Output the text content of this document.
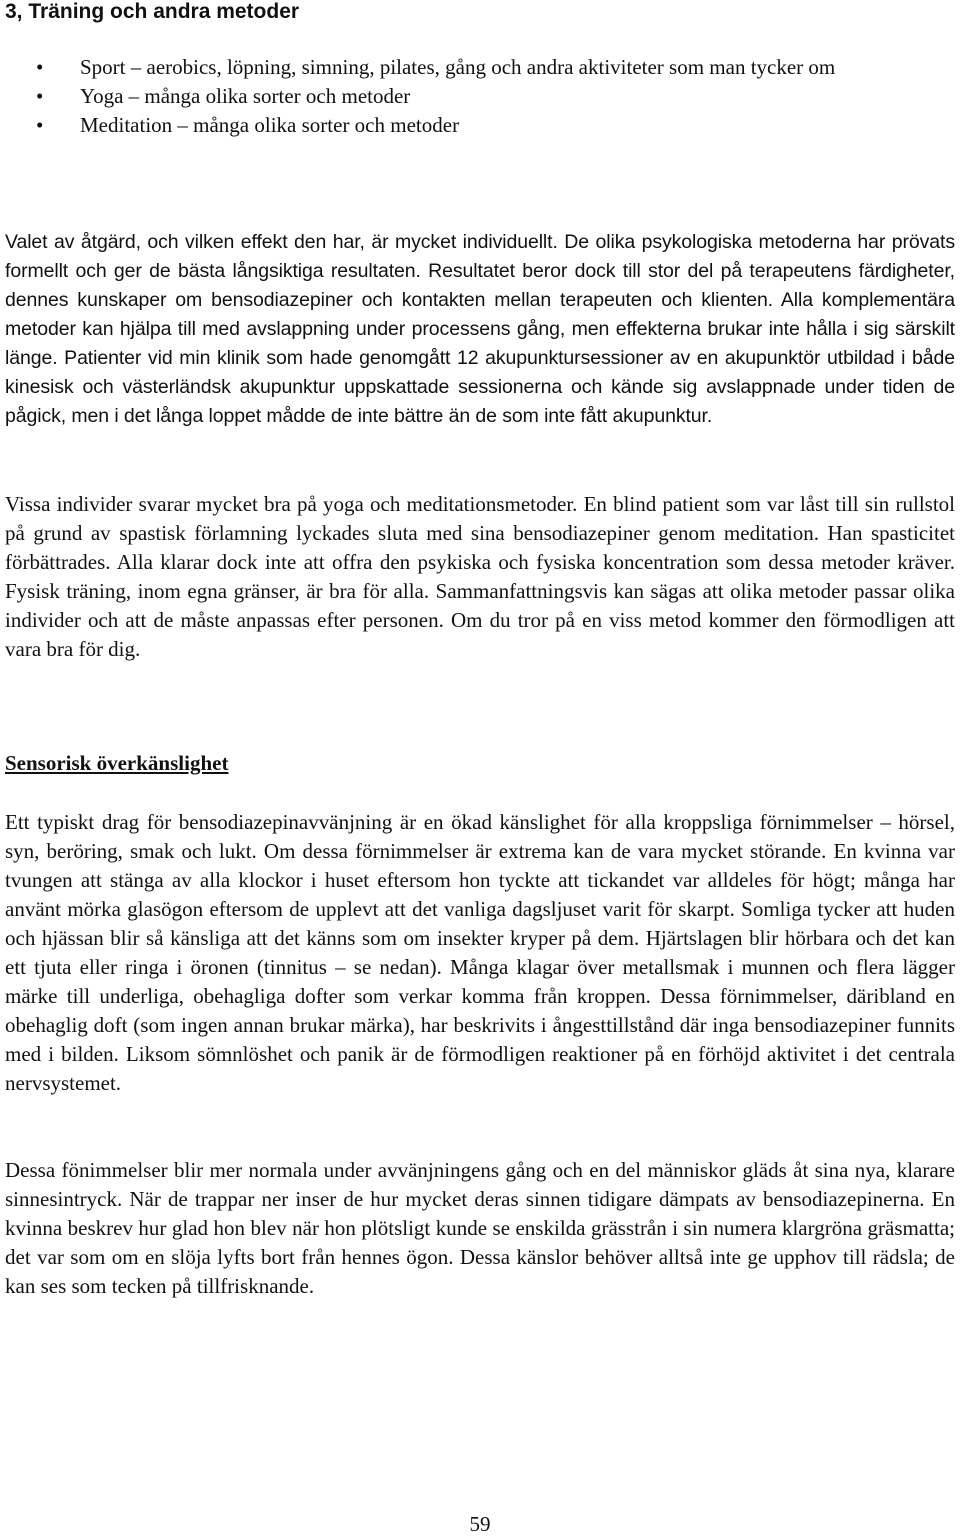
3, Träning och andra metoder
• Sport – aerobics, löpning, simning, pilates, gång och andra aktiviteter som man tycker om
• Yoga – många olika sorter och metoder
• Meditation – många olika sorter och metoder

Valet av åtgärd, och vilken effekt den har, är mycket individuellt. De olika psykologiska metoderna har prövats formellt och ger de bästa långsiktiga resultaten. Resultatet beror dock till stor del på terapeutens färdigheter, dennes kunskaper om bensodiazepiner och kontakten mellan terapeuten och klienten. Alla komplementära metoder kan hjälpa till med avslappning under processens gång, men effekterna brukar inte hålla i sig särskilt länge. Patienter vid min klinik som hade genomgått 12 akupunktursessioner av en akupunktör utbildad i både kinesisk och västerländsk akupunktur uppskattade sessionerna och kände sig avslappnade under tiden de pågick, men i det långa loppet mådde de inte bättre än de som inte fått akupunktur.

Vissa individer svarar mycket bra på yoga och meditationsmetoder. En blind patient som var låst till sin rullstol på grund av spastisk förlamning lyckades sluta med sina bensodiazepiner genom meditation. Han spasticitet förbättrades. Alla klarar dock inte att offra den psykiska och fysiska koncentration som dessa metoder kräver. Fysisk träning, inom egna gränser, är bra för alla. Sammanfattningsvis kan sägas att olika metoder passar olika individer och att de måste anpassas efter personen. Om du tror på en viss metod kommer den förmodligen att vara bra för dig.

Sensorisk överkänslighet

Ett typiskt drag för bensodiazepinavvänjning är en ökad känslighet för alla kroppsliga förnimmelser – hörsel, syn, beröring, smak och lukt. Om dessa förnimmelser är extrema kan de vara mycket störande. En kvinna var tvungen att stänga av alla klockor i huset eftersom hon tyckte att tickandet var alldeles för högt; många har använt mörka glasögon eftersom de upplevt att det vanliga dagsljuset varit för skarpt. Somliga tycker att huden och hjässan blir så känsliga att det känns som om insekter kryper på dem. Hjärtslagen blir hörbara och det kan ett tjuta eller ringa i öronen (tinnitus – se nedan). Många klagar över metallsmak i munnen och flera lägger märke till underliga, obehagliga dofter som verkar komma från kroppen. Dessa förnimmelser, däribland en obehaglig doft (som ingen annan brukar märka), har beskrivits i ångesttillstånd där inga bensodiazepiner funnits med i bilden. Liksom sömnlöshet och panik är de förmodligen reaktioner på en förhöjd aktivitet i det centrala nervsystemet.

Dessa fönimmelser blir mer normala under avvänjningens gång och en del människor gläds åt sina nya, klarare sinnesintryck. När de trappar ner inser de hur mycket deras sinnen tidigare dämpats av bensodiazepinerna. En kvinna beskrev hur glad hon blev när hon plötsligt kunde se enskilda grässtrån i sin numera klargröna gräsmatta; det var som om en slöja lyfts bort från hennes ögon. Dessa känslor behöver alltså inte ge upphov till rädsla; de kan ses som tecken på tillfrisknande.

59
